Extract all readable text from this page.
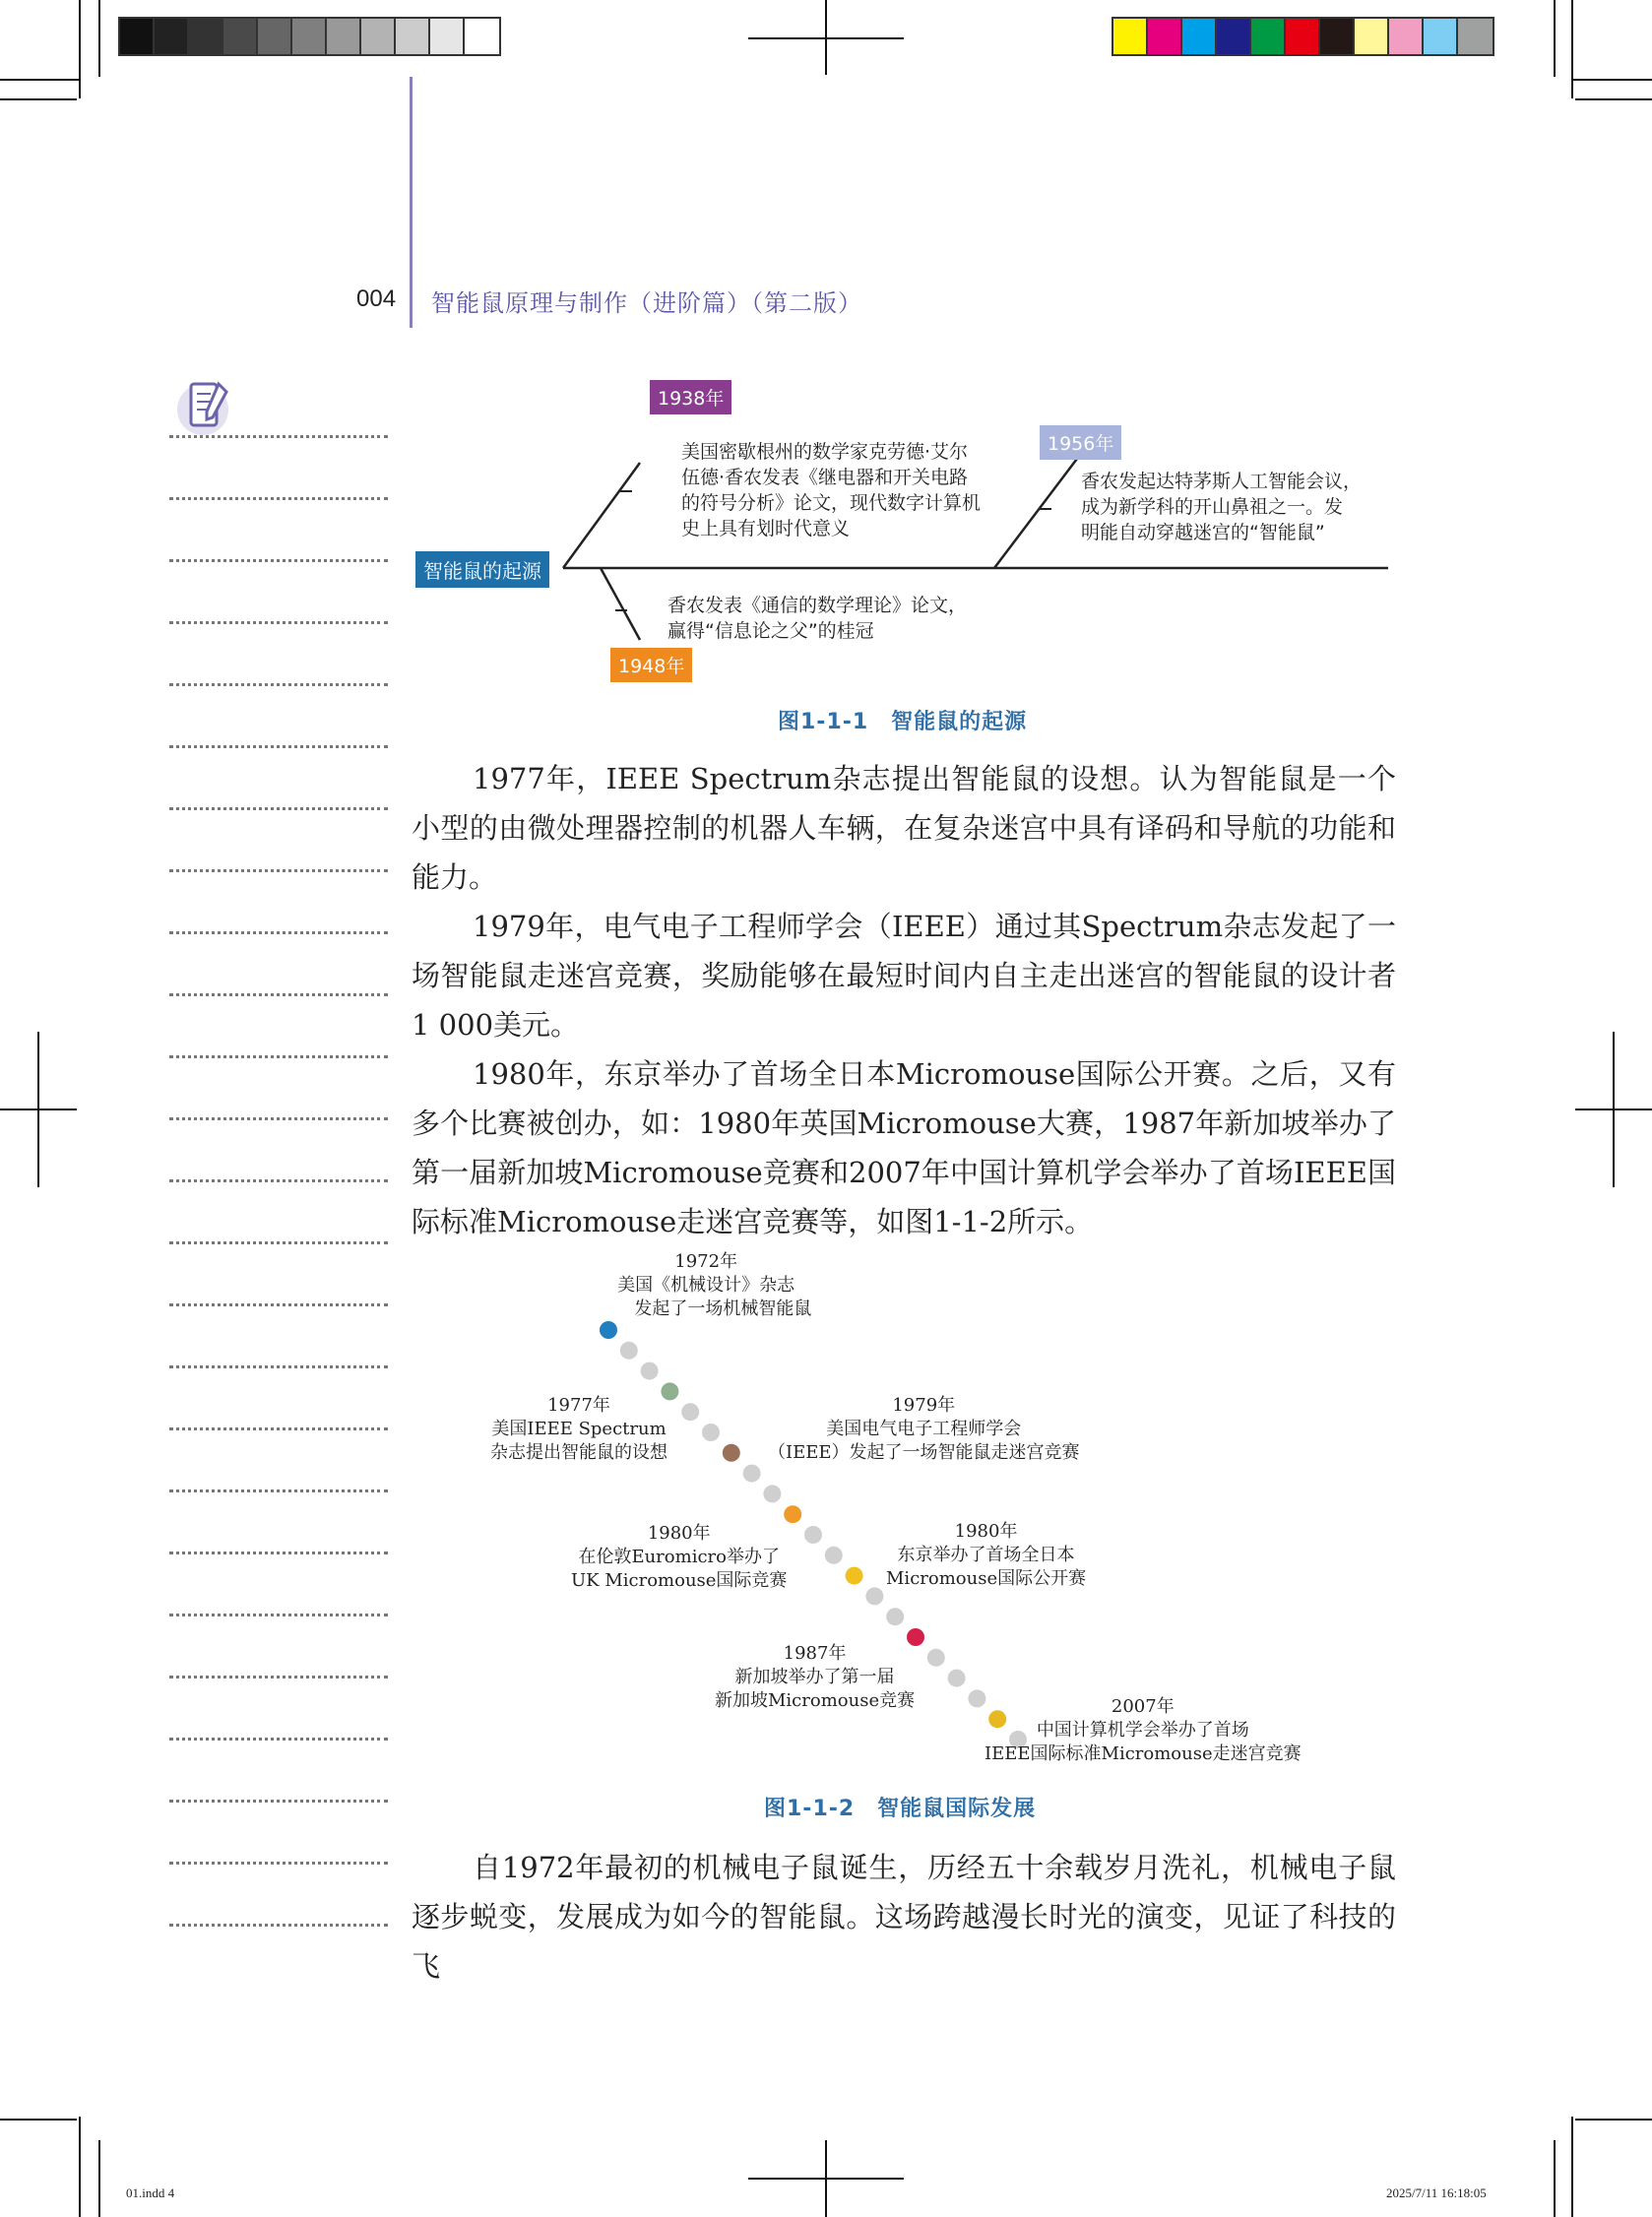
004 智能鼠原理与制作（进阶篇）（第二版）
智能鼠的起源
1938年
美国密歇根州的数学家克劳德·艾尔
伍德·香农发表《继电器和开关电路
的符号分析》论文，现代数字计算机
史上具有划时代意义
1956年
香农发起达特茅斯人工智能会议，
成为新学科的开山鼻祖之一。发
明能自动穿越迷宫的“智能鼠”
1948年
香农发表《通信的数学理论》论文，
赢得“信息论之父”的桂冠
图1-1-1　智能鼠的起源

1977年，IEEE Spectrum杂志提出智能鼠的设想。认为智能鼠是一个小型的由微处理器控制的机器人车辆，在复杂迷宫中具有译码和导航的功能和能力。

1979年，电气电子工程师学会（IEEE）通过其Spectrum杂志发起了一场智能鼠走迷宫竞赛，奖励能够在最短时间内自主走出迷宫的智能鼠的设计者1 000美元。

1980年，东京举办了首场全日本Micromouse国际公开赛。之后，又有多个比赛被创办，如：1980年英国Micromouse大赛，1987年新加坡举办了第一届新加坡Micromouse竞赛和2007年中国计算机学会举办了首场IEEE国际标准Micromouse走迷宫竞赛等，如图1-1-2所示。

1972年
美国《机械设计》杂志
发起了一场机械智能鼠
1977年
美国IEEE Spectrum
杂志提出智能鼠的设想
1979年
美国电气电子工程师学会
（IEEE）发起了一场智能鼠走迷宫竞赛
1980年
在伦敦Euromicro举办了
UK Micromouse国际竞赛
1980年
东京举办了首场全日本
Micromouse国际公开赛
1987年
新加坡举办了第一届
新加坡Micromouse竞赛	2007年
中国计算机学会举办了首场
IEEE国际标准Micromouse走迷宫竞赛
图1-1-2　智能鼠国际发展

自1972年最初的机械电子鼠诞生，历经五十余载岁月洗礼，机械电子鼠逐步蜕变，发展成为如今的智能鼠。这场跨越漫长时光的演变，见证了科技的飞

01.indd 4	2025/7/11 16:18:05
